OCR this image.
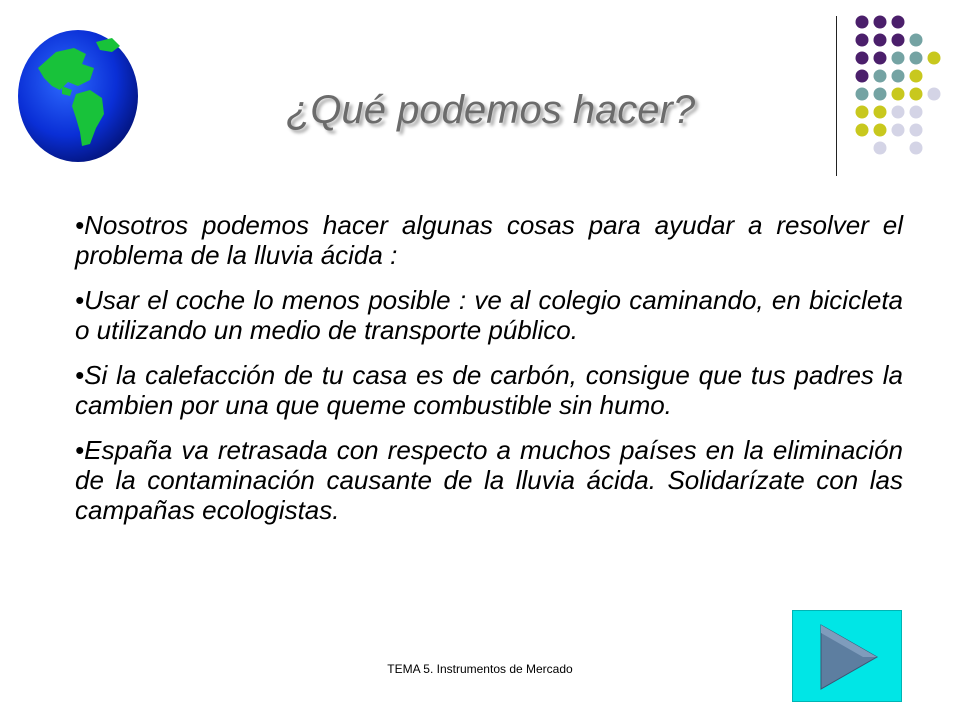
¿Qué podemos hacer?

•Nosotros podemos hacer algunas cosas para ayudar a resolver el problema de la lluvia ácida :

•Usar el coche lo menos posible : ve al colegio caminando, en bicicleta o utilizando un medio de transporte público.

•Si la calefacción de tu casa es de carbón, consigue que tus padres la cambien por una que queme combustible sin humo.

•España va retrasada con respecto a muchos países en la eliminación de la contaminación causante de la lluvia ácida. Solidarízate con las campañas ecologistas.

TEMA 5. Instrumentos de Mercado
